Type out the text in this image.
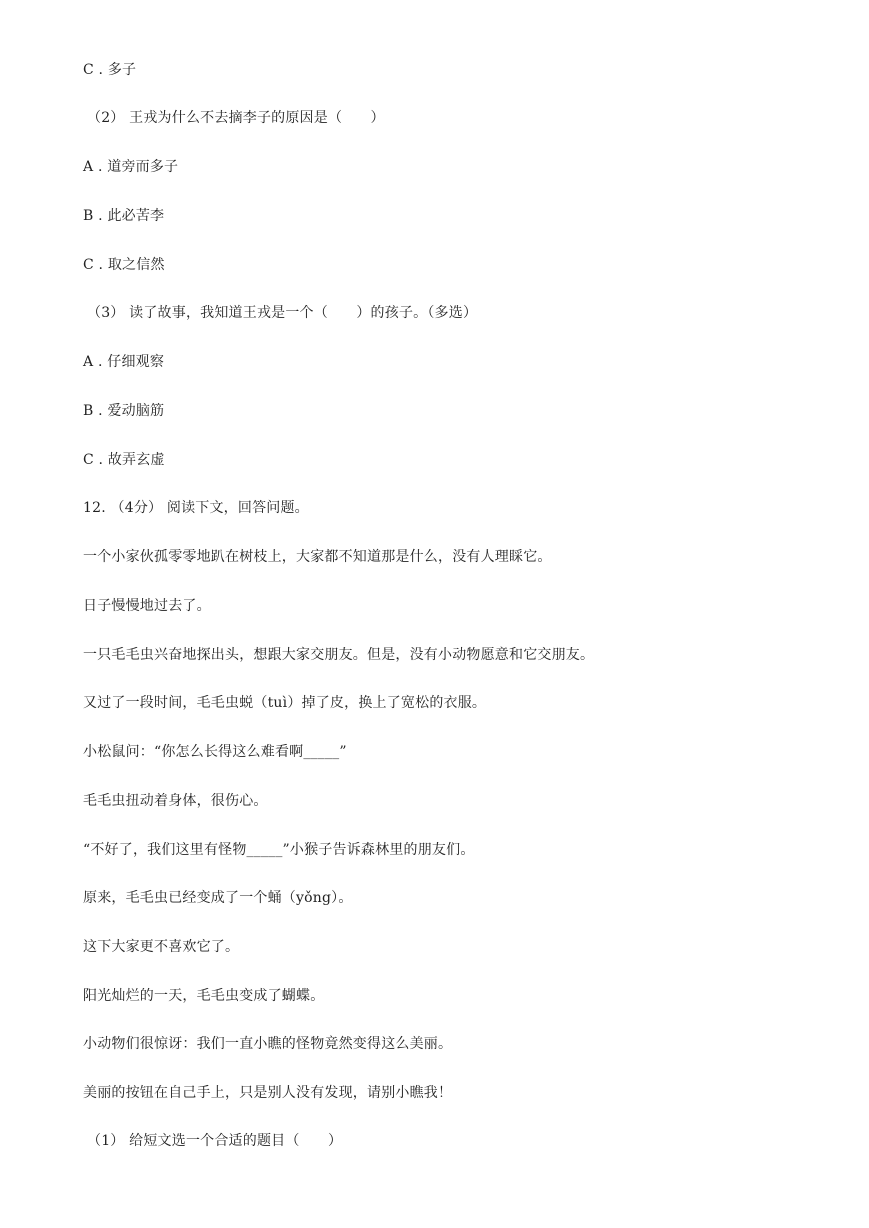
C . 多子
（2） 王戎为什么不去摘李子的原因是（　　）
A . 道旁而多子
B . 此必苦李
C . 取之信然
（3） 读了故事，我知道王戎是一个（　　）的孩子。（多选）
A . 仔细观察
B . 爱动脑筋
C . 故弄玄虚
12. （4分） 阅读下文，回答问题。
一个小家伙孤零零地趴在树枝上，大家都不知道那是什么，没有人理睬它。
日子慢慢地过去了。
一只毛毛虫兴奋地探出头，想跟大家交朋友。但是，没有小动物愿意和它交朋友。
又过了一段时间，毛毛虫蜕（tuì）掉了皮，换上了宽松的衣服。
小松鼠问：“你怎么长得这么难看啊_____”
毛毛虫扭动着身体，很伤心。
“不好了，我们这里有怪物_____”小猴子告诉森林里的朋友们。
原来，毛毛虫已经变成了一个蛹（yǒng）。
这下大家更不喜欢它了。
阳光灿烂的一天，毛毛虫变成了蝴蝶。
小动物们很惊讶：我们一直小瞧的怪物竟然变得这么美丽。
美丽的按钮在自己手上，只是别人没有发现，请别小瞧我！
（1） 给短文选一个合适的题目（　　）
